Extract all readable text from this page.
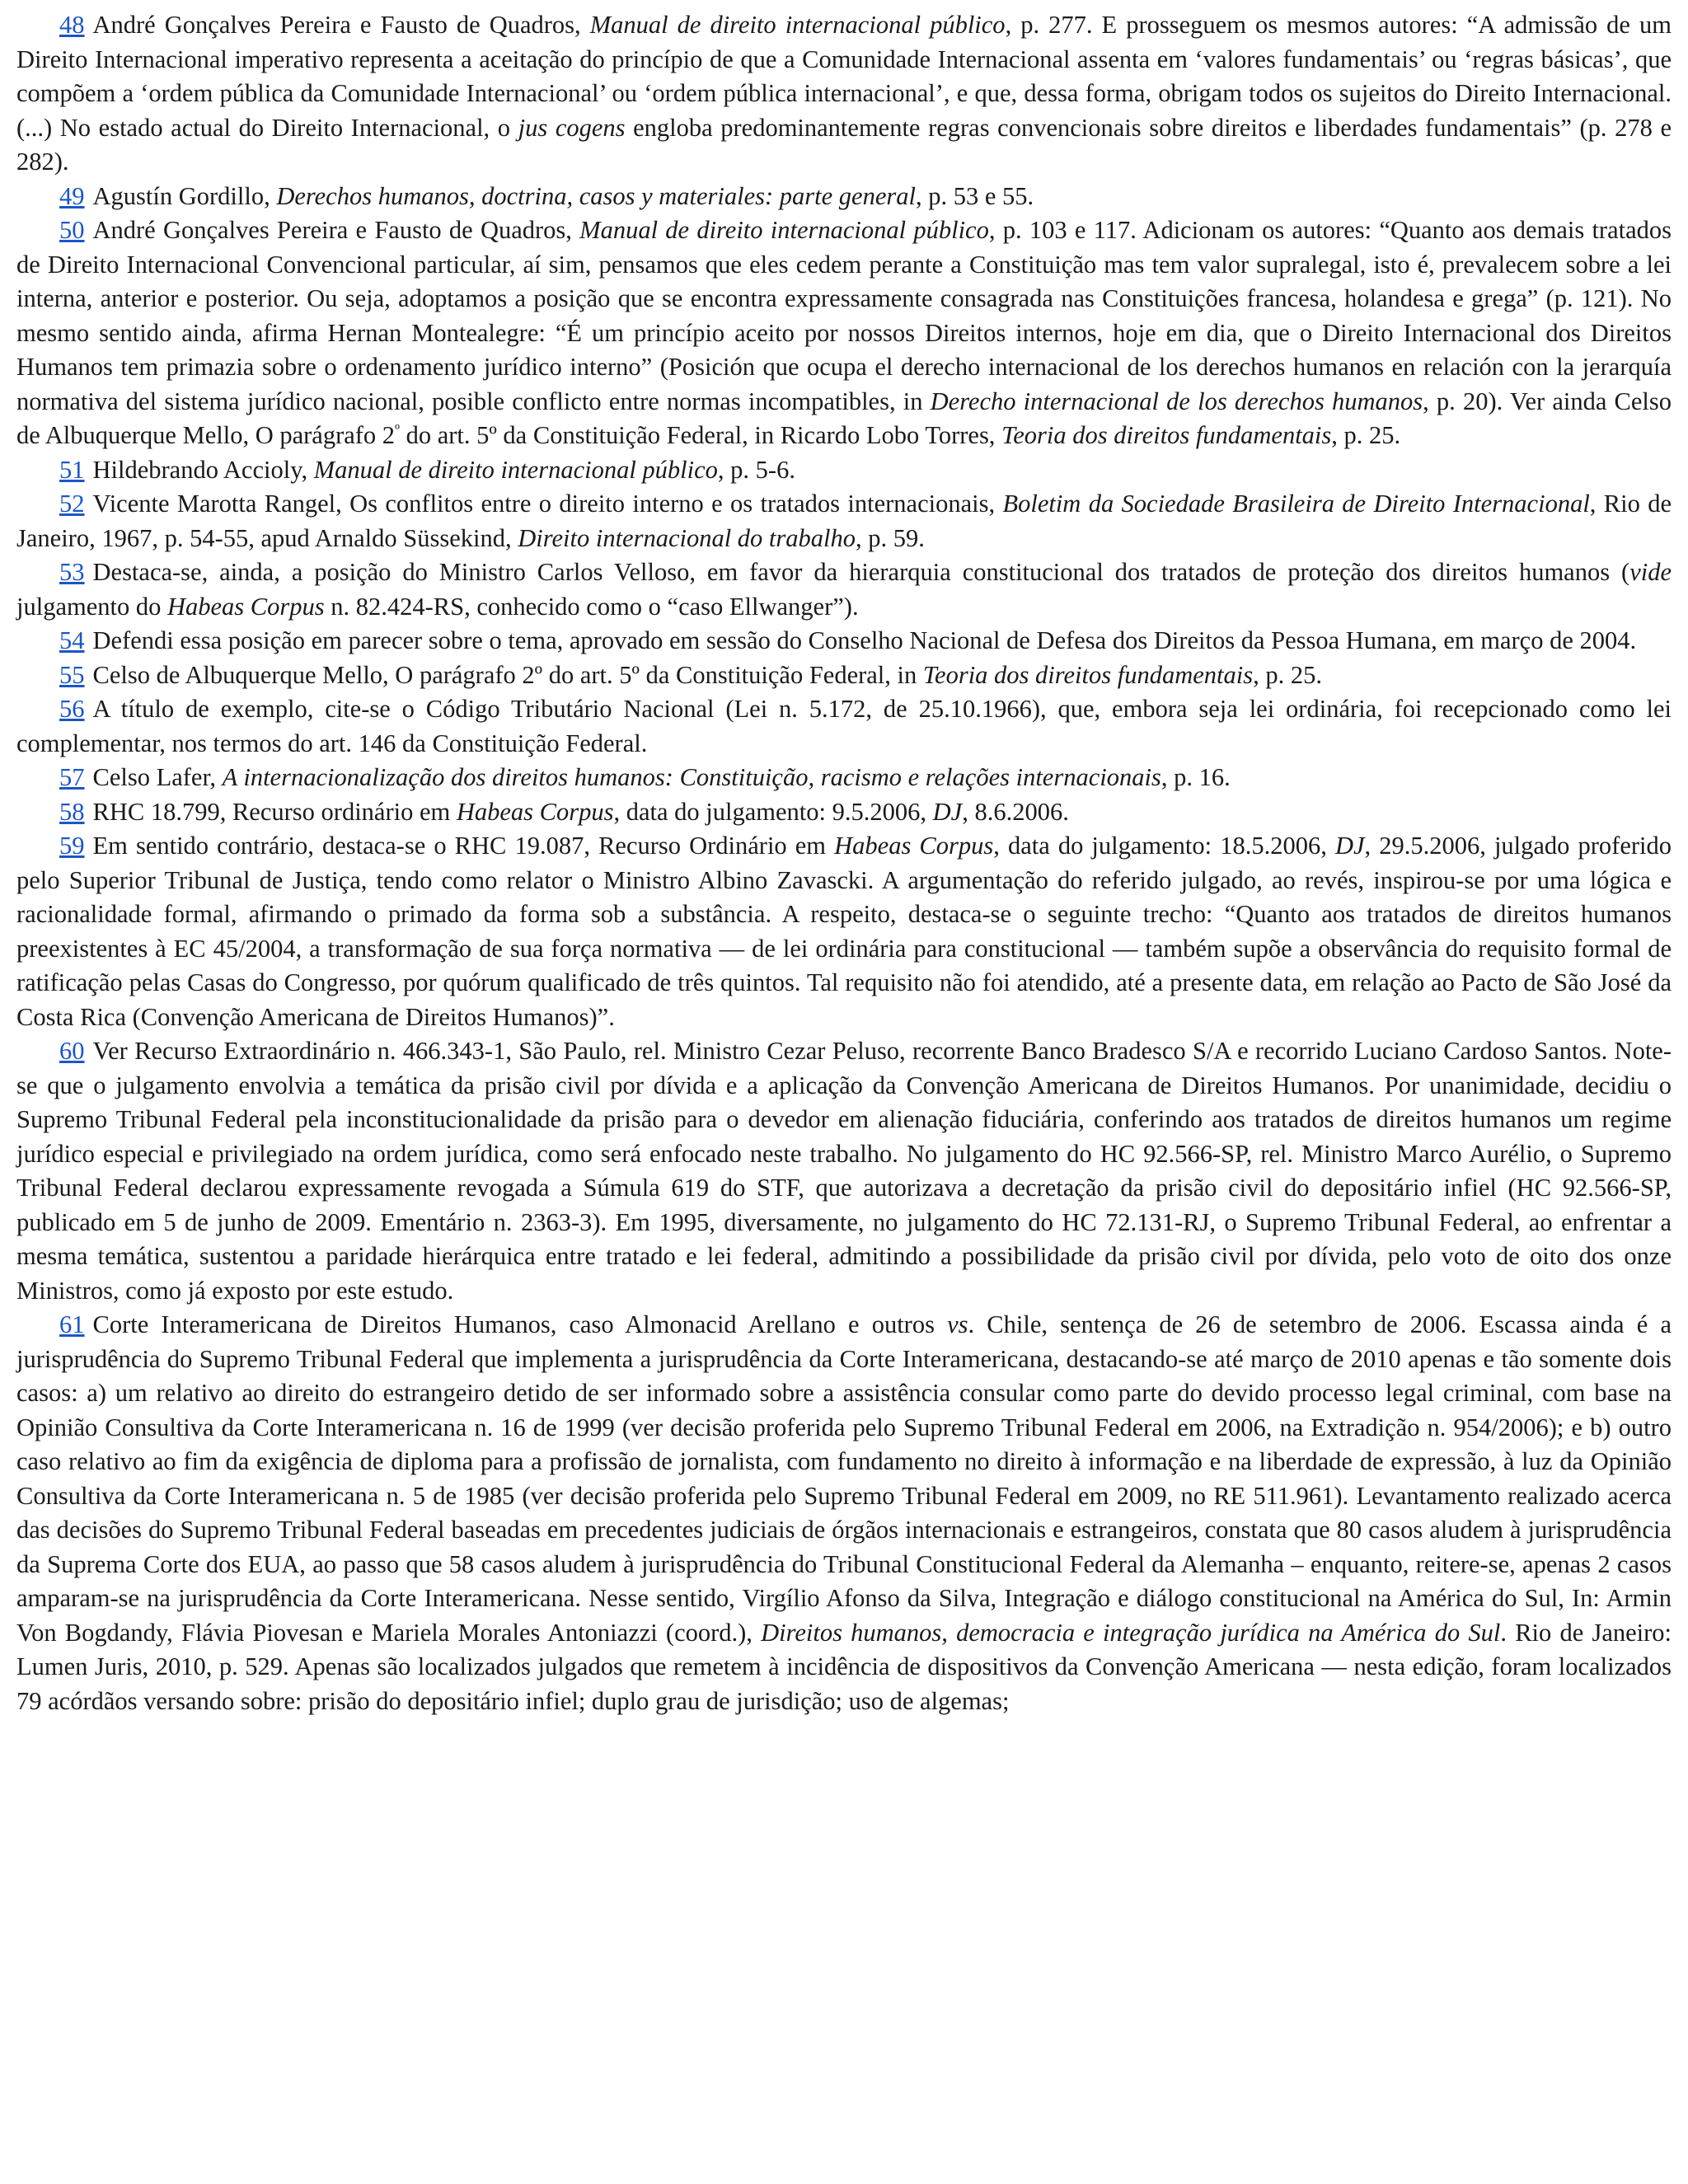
48 André Gonçalves Pereira e Fausto de Quadros, Manual de direito internacional público, p. 277. E prosseguem os mesmos autores: “A admissão de um Direito Internacional imperativo representa a aceitação do princípio de que a Comunidade Internacional assenta em ‘valores fundamentais’ ou ‘regras básicas’, que compõem a ‘ordem pública da Comunidade Internacional’ ou ‘ordem pública internacional’, e que, dessa forma, obrigam todos os sujeitos do Direito Internacional. (...) No estado actual do Direito Internacional, o jus cogens engloba predominantemente regras convencionais sobre direitos e liberdades fundamentais” (p. 278 e 282).

49 Agustín Gordillo, Derechos humanos, doctrina, casos y materiales: parte general, p. 53 e 55.

50 André Gonçalves Pereira e Fausto de Quadros, Manual de direito internacional público, p. 103 e 117. Adicionam os autores: “Quanto aos demais tratados de Direito Internacional Convencional particular, aí sim, pensamos que eles cedem perante a Constituição mas tem valor supralegal, isto é, prevalecem sobre a lei interna, anterior e posterior. Ou seja, adoptamos a posição que se encontra expressamente consagrada nas Constituições francesa, holandesa e grega” (p. 121). No mesmo sentido ainda, afirma Hernan Montealegre: “É um princípio aceito por nossos Direitos internos, hoje em dia, que o Direito Internacional dos Direitos Humanos tem primazia sobre o ordenamento jurídico interno” (Posición que ocupa el derecho internacional de los derechos humanos en relación con la jerarquía normativa del sistema jurídico nacional, posible conflicto entre normas incompatibles, in Derecho internacional de los derechos humanos, p. 20). Ver ainda Celso de Albuquerque Mello, O parágrafo $2^º$ do art. 5º da Constituição Federal, in Ricardo Lobo Torres, Teoria dos direitos fundamentais, p. 25.

51 Hildebrando Accioly, Manual de direito internacional público, p. 5-6.

52 Vicente Marotta Rangel, Os conflitos entre o direito interno e os tratados internacionais, Boletim da Sociedade Brasileira de Direito Internacional, Rio de Janeiro, 1967, p. 54-55, apud Arnaldo Süssekind, Direito internacional do trabalho, p. 59.

53 Destaca-se, ainda, a posição do Ministro Carlos Velloso, em favor da hierarquia constitucional dos tratados de proteção dos direitos humanos (vide julgamento do Habeas Corpus n. 82.424-RS, conhecido como o “caso Ellwanger”).

54 Defendi essa posição em parecer sobre o tema, aprovado em sessão do Conselho Nacional de Defesa dos Direitos da Pessoa Humana, em março de 2004.

55 Celso de Albuquerque Mello, O parágrafo 2º do art. 5º da Constituição Federal, in Teoria dos direitos fundamentais, p. 25.

56 A título de exemplo, cite-se o Código Tributário Nacional (Lei n. 5.172, de 25.10.1966), que, embora seja lei ordinária, foi recepcionado como lei complementar, nos termos do art. 146 da Constituição Federal.

57 Celso Lafer, A internacionalização dos direitos humanos: Constituição, racismo e relações internacionais, p. 16.

58 RHC 18.799, Recurso ordinário em Habeas Corpus, data do julgamento: 9.5.2006, DJ, 8.6.2006.

59 Em sentido contrário, destaca-se o RHC 19.087, Recurso Ordinário em Habeas Corpus, data do julgamento: 18.5.2006, DJ, 29.5.2006, julgado proferido pelo Superior Tribunal de Justiça, tendo como relator o Ministro Albino Zavascki. A argumentação do referido julgado, ao revés, inspirou-se por uma lógica e racionalidade formal, afirmando o primado da forma sob a substância. A respeito, destaca-se o seguinte trecho: “Quanto aos tratados de direitos humanos preexistentes à EC 45/2004, a transformação de sua força normativa — de lei ordinária para constitucional — também supõe a observância do requisito formal de ratificação pelas Casas do Congresso, por quórum qualificado de três quintos. Tal requisito não foi atendido, até a presente data, em relação ao Pacto de São José da Costa Rica (Convenção Americana de Direitos Humanos)”.

60 Ver Recurso Extraordinário n. 466.343-1, São Paulo, rel. Ministro Cezar Peluso, recorrente Banco Bradesco S/A e recorrido Luciano Cardoso Santos. Note-se que o julgamento envolvia a temática da prisão civil por dívida e a aplicação da Convenção Americana de Direitos Humanos. Por unanimidade, decidiu o Supremo Tribunal Federal pela inconstitucionalidade da prisão para o devedor em alienação fiduciária, conferindo aos tratados de direitos humanos um regime jurídico especial e privilegiado na ordem jurídica, como será enfocado neste trabalho. No julgamento do HC 92.566-SP, rel. Ministro Marco Aurélio, o Supremo Tribunal Federal declarou expressamente revogada a Súmula 619 do STF, que autorizava a decretação da prisão civil do depositário infiel (HC 92.566-SP, publicado em 5 de junho de 2009. Ementário n. 2363-3). Em 1995, diversamente, no julgamento do HC 72.131-RJ, o Supremo Tribunal Federal, ao enfrentar a mesma temática, sustentou a paridade hierárquica entre tratado e lei federal, admitindo a possibilidade da prisão civil por dívida, pelo voto de oito dos onze Ministros, como já exposto por este estudo.

61 Corte Interamericana de Direitos Humanos, caso Almonacid Arellano e outros vs. Chile, sentença de 26 de setembro de 2006. Escassa ainda é a jurisprudência do Supremo Tribunal Federal que implementa a jurisprudência da Corte Interamericana, destacando-se até março de 2010 apenas e tão somente dois casos: a) um relativo ao direito do estrangeiro detido de ser informado sobre a assistência consular como parte do devido processo legal criminal, com base na Opinião Consultiva da Corte Interamericana n. 16 de 1999 (ver decisão proferida pelo Supremo Tribunal Federal em 2006, na Extradição n. 954/2006); e b) outro caso relativo ao fim da exigência de diploma para a profissão de jornalista, com fundamento no direito à informação e na liberdade de expressão, à luz da Opinião Consultiva da Corte Interamericana n. 5 de 1985 (ver decisão proferida pelo Supremo Tribunal Federal em 2009, no RE 511.961). Levantamento realizado acerca das decisões do Supremo Tribunal Federal baseadas em precedentes judiciais de órgãos internacionais e estrangeiros, constata que 80 casos aludem à jurisprudência da Suprema Corte dos EUA, ao passo que 58 casos aludem à jurisprudência do Tribunal Constitucional Federal da Alemanha – enquanto, reitere-se, apenas 2 casos amparam-se na jurisprudência da Corte Interamericana. Nesse sentido, Virgílio Afonso da Silva, Integração e diálogo constitucional na América do Sul, In: Armin Von Bogdandy, Flávia Piovesan e Mariela Morales Antoniazzi (coord.), Direitos humanos, democracia e integração jurídica na América do Sul. Rio de Janeiro: Lumen Juris, 2010, p. 529. Apenas são localizados julgados que remetem à incidência de dispositivos da Convenção Americana — nesta edição, foram localizados 79 acórdãos versando sobre: prisão do depositário infiel; duplo grau de jurisdição; uso de algemas;
